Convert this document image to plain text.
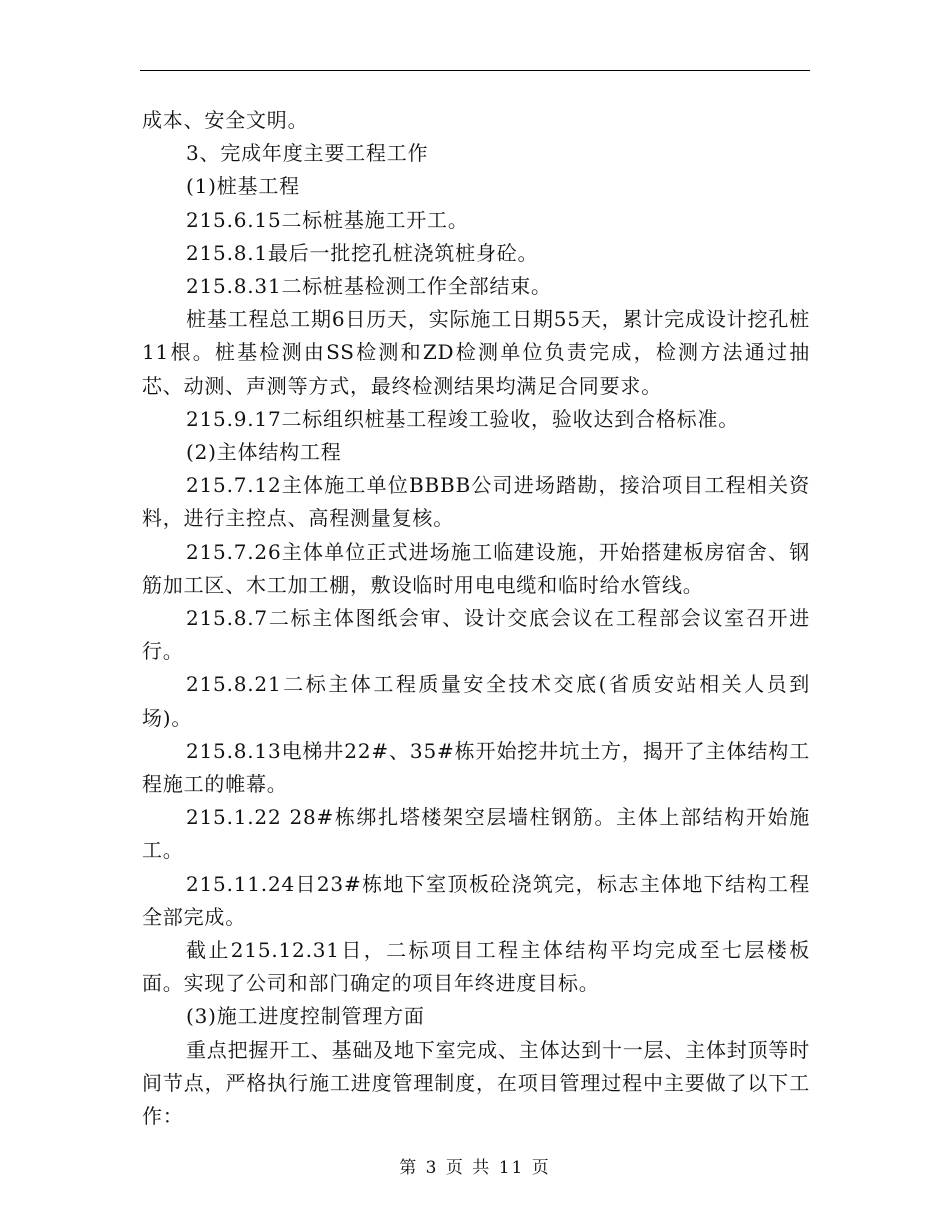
成本、安全文明。

3、完成年度主要工程工作

(1)桩基工程

215.6.15二标桩基施工开工。

215.8.1最后一批挖孔桩浇筑桩身砼。

215.8.31二标桩基检测工作全部结束。

桩基工程总工期6日历天，实际施工日期55天，累计完成设计挖孔桩11根。桩基检测由SS检测和ZD检测单位负责完成，检测方法通过抽芯、动测、声测等方式，最终检测结果均满足合同要求。

215.9.17二标组织桩基工程竣工验收，验收达到合格标准。

(2)主体结构工程

215.7.12主体施工单位BBBB公司进场踏勘，接洽项目工程相关资料，进行主控点、高程测量复核。

215.7.26主体单位正式进场施工临建设施，开始搭建板房宿舍、钢筋加工区、木工加工棚，敷设临时用电电缆和临时给水管线。

215.8.7二标主体图纸会审、设计交底会议在工程部会议室召开进行。

215.8.21二标主体工程质量安全技术交底(省质安站相关人员到场)。

215.8.13电梯井22#、35#栋开始挖井坑土方，揭开了主体结构工程施工的帷幕。

215.1.22 28#栋绑扎塔楼架空层墙柱钢筋。主体上部结构开始施工。

215.11.24日23#栋地下室顶板砼浇筑完，标志主体地下结构工程全部完成。

截止215.12.31日，二标项目工程主体结构平均完成至七层楼板面。实现了公司和部门确定的项目年终进度目标。

(3)施工进度控制管理方面

重点把握开工、基础及地下室完成、主体达到十一层、主体封顶等时间节点，严格执行施工进度管理制度，在项目管理过程中主要做了以下工作：

第 3 页 共 11 页
